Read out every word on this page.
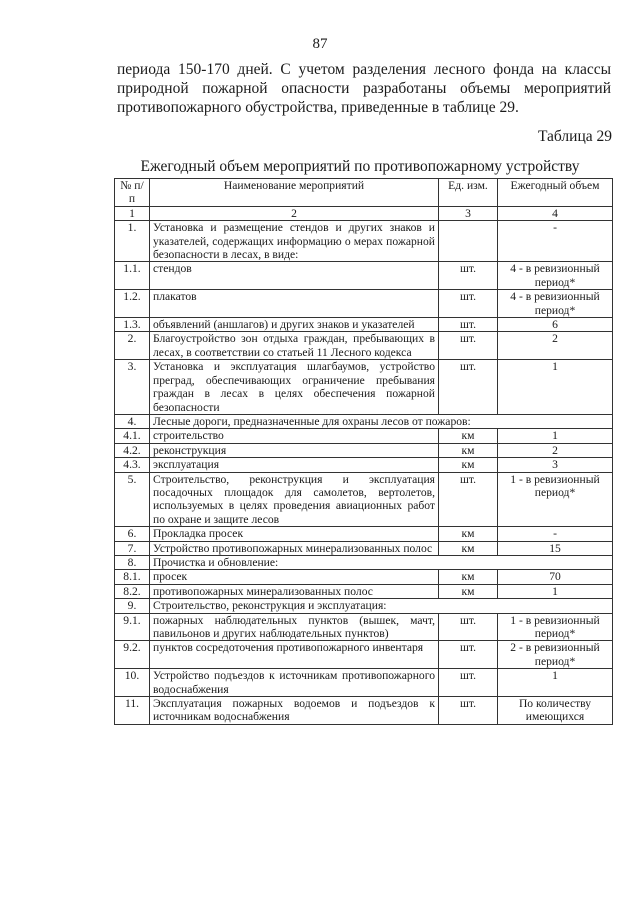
87

периода 150-170 дней. С учетом разделения лесного фонда на классы природной пожарной опасности разработаны объемы мероприятий противопожарного обустройства, приведенные в таблице 29.

Таблица 29
Ежегодный объем мероприятий по противопожарному устройству
№ п/п	Наименование мероприятий	Ед. изм.	Ежегодный объем
1	2	3	4
1.	Установка и размещение стендов и других знаков и указателей, содержащих информацию о мерах пожарной безопасности в лесах, в виде:		-
1.1.	стендов	шт.	4 - в ревизионный период*
1.2.	плакатов	шт.	4 - в ревизионный период*
1.3.	объявлений (аншлагов) и других знаков и указателей	шт.	6
2.	Благоустройство зон отдыха граждан, пребывающих в лесах, в соответствии со статьей 11 Лесного кодекса	шт.	2
3.	Установка и эксплуатация шлагбаумов, устройство преград, обеспечивающих ограничение пребывания граждан в лесах в целях обеспечения пожарной безопасности	шт.	1
4.	Лесные дороги, предназначенные для охраны лесов от пожаров:		
4.1.	строительство	км	1
4.2.	реконструкция	км	2
4.3.	эксплуатация	км	3
5.	Строительство, реконструкция и эксплуатация посадочных площадок для самолетов, вертолетов, используемых в целях проведения авиационных работ по охране и защите лесов	шт.	1 - в ревизионный период*
6.	Прокладка просек	км	-
7.	Устройство противопожарных минерализованных полос	км	15
8.	Прочистка и обновление:		
8.1.	просек	км	70
8.2.	противопожарных минерализованных полос	км	1
9.	Строительство, реконструкция и эксплуатация:		
9.1.	пожарных наблюдательных пунктов (вышек, мачт, павильонов и других наблюдательных пунктов)	шт.	1 - в ревизионный период*
9.2.	пунктов сосредоточения противопожарного инвентаря	шт.	2 - в ревизионный период*
10.	Устройство подъездов к источникам противопожарного водоснабжения	шт.	1
11.	Эксплуатация пожарных водоемов и подъездов к источникам водоснабжения	шт.	По количеству имеющихся
